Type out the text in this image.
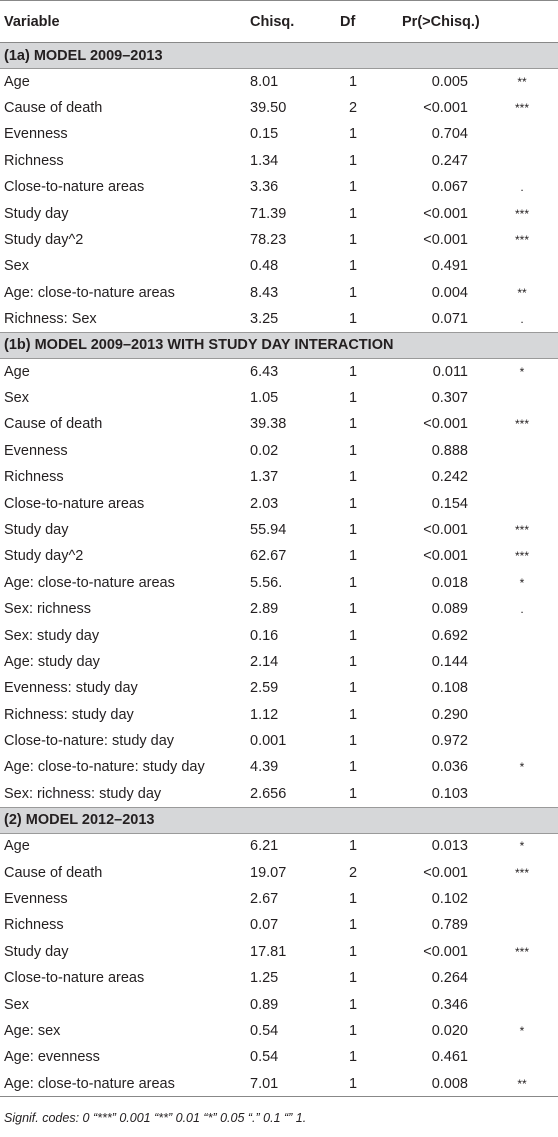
Variable	Chisq.	Df	Pr(>Chisq.)	
(1a) MODEL 2009–2013				
Age	8.01	1	0.005	**
Cause of death	39.50	2	<0.001	***
Evenness	0.15	1	0.704	
Richness	1.34	1	0.247	
Close-to-nature areas	3.36	1	0.067	.
Study day	71.39	1	<0.001	***
Study day^2	78.23	1	<0.001	***
Sex	0.48	1	0.491	
Age: close-to-nature areas	8.43	1	0.004	**
Richness: Sex	3.25	1	0.071	.
(1b) MODEL 2009–2013 WITH STUDY DAY INTERACTION				
Age	6.43	1	0.011	*
Sex	1.05	1	0.307	
Cause of death	39.38	1	<0.001	***
Evenness	0.02	1	0.888	
Richness	1.37	1	0.242	
Close-to-nature areas	2.03	1	0.154	
Study day	55.94	1	<0.001	***
Study day^2	62.67	1	<0.001	***
Age: close-to-nature areas	5.56.	1	0.018	*
Sex: richness	2.89	1	0.089	.
Sex: study day	0.16	1	0.692	
Age: study day	2.14	1	0.144	
Evenness: study day	2.59	1	0.108	
Richness: study day	1.12	1	0.290	
Close-to-nature: study day	0.001	1	0.972	
Age: close-to-nature: study day	4.39	1	0.036	*
Sex: richness: study day	2.656	1	0.103	
(2) MODEL 2012–2013				
Age	6.21	1	0.013	*
Cause of death	19.07	2	<0.001	***
Evenness	2.67	1	0.102	
Richness	0.07	1	0.789	
Study day	17.81	1	<0.001	***
Close-to-nature areas	1.25	1	0.264	
Sex	0.89	1	0.346	
Age: sex	0.54	1	0.020	*
Age: evenness	0.54	1	0.461	
Age: close-to-nature areas	7.01	1	0.008	**
Signif. codes: 0 “***” 0.001 “**” 0.01 “*” 0.05 “.” 0.1 “” 1.
